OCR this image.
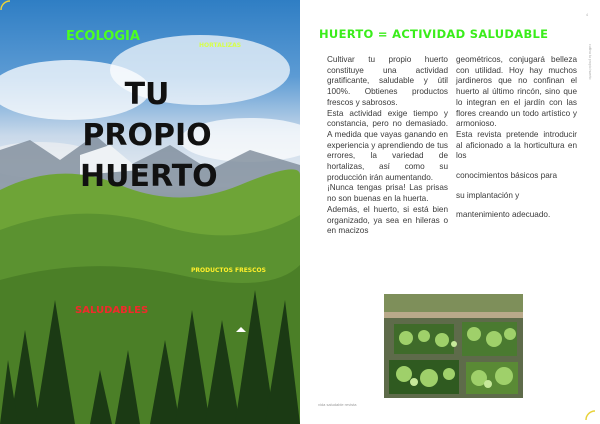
ECOLOGIA
HORTALIZAS
TU
PROPIO
HUERTO
PRODUCTOS FRESCOS
SALUDABLES
HUERTO = ACTIVIDAD SALUDABLE

Cultivar tu propio huerto constituye una actividad gratificante, saludable y útil 100%. Obtienes productos frescos y sabrosos.

Esta actividad exige tiempo y constancia, pero no demasiado. A medida que vayas ganando en experiencia y aprendiendo de tus errores, la variedad de hortalizas, así como su producción irán aumentando.

¡Nunca tengas prisa! Las prisas no son buenas en la huerta.

Además, el huerto, si está bien organizado, ya sea en hileras o en macizos

geométricos, conjugará belleza con utilidad. Hoy hay muchos jardineros que no confinan el huerto al último rincón, sino que lo integran en el jardín con las flores creando un todo artístico y armonioso.

Esta revista pretende introducir al aficionado a la horticultura en los

conocimientos básicos para

su implantación y

mantenimiento adecuado.

vida saludable revista
4
cultiva tu propio huerto
